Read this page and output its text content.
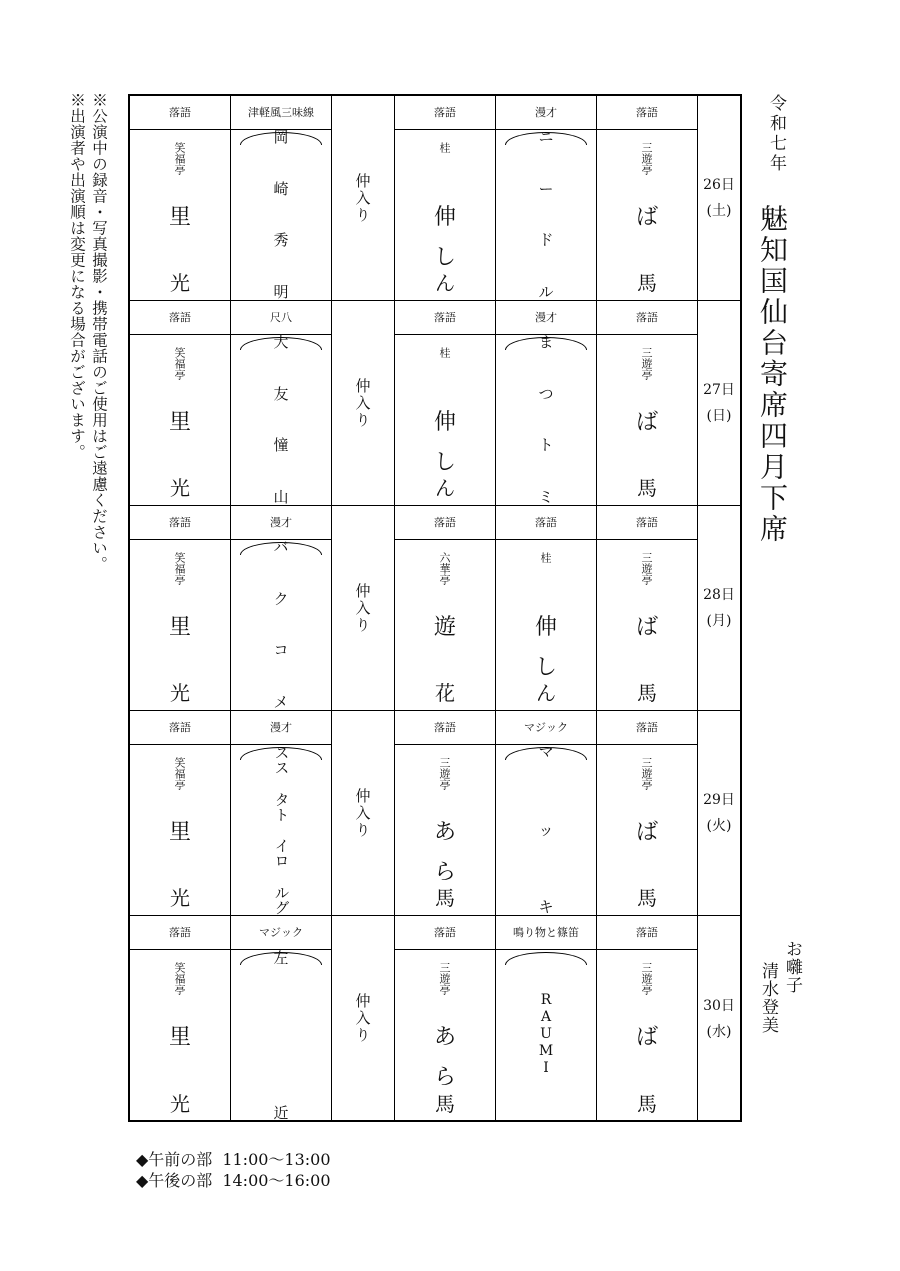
※公演中の録音・写真撮影・携帯電話のご使用はご遠慮ください。
※出演者や出演順は変更になる場合がございます。	令和七年
魅知国仙台寄席四月下席
お囃子
清水登美
落語
笑福亭
里
光
津軽風三味線
岡
崎
秀
明
仲入り
落語
桂
伸
し
ん
漫才
ニ
ー
ド
ル
落語
三遊亭
ば
馬
26日
(土)
落語
笑福亭
里
光
尺八
大
友
憧
山
仲入り
落語
桂
伸
し
ん
漫才
ま
つ
ト
ミ
落語
三遊亭
ば
馬
27日
(日)
落語
笑福亭
里
光
漫才
バ
ク
コ
メ
仲入り
落語
六華亭
遊
花
落語
桂
伸
し
ん
落語
三遊亭
ば
馬
28日
(月)
落語
笑福亭
里
光
漫才
スス
タト
イロ
ルグ
仲入り
落語
三遊亭
あ
ら
馬
マジック
マ
ッ
キ
落語
三遊亭
ば
馬
29日
(火)
落語
笑福亭
里
光
マジック
左
近
仲入り
落語
三遊亭
あ
ら
馬
鳴り物と篠笛
R
A
U
M
I
落語
三遊亭
ば
馬
30日
(水)
◆午前の部 11:00〜13:00
◆午後の部 14:00〜16:00
